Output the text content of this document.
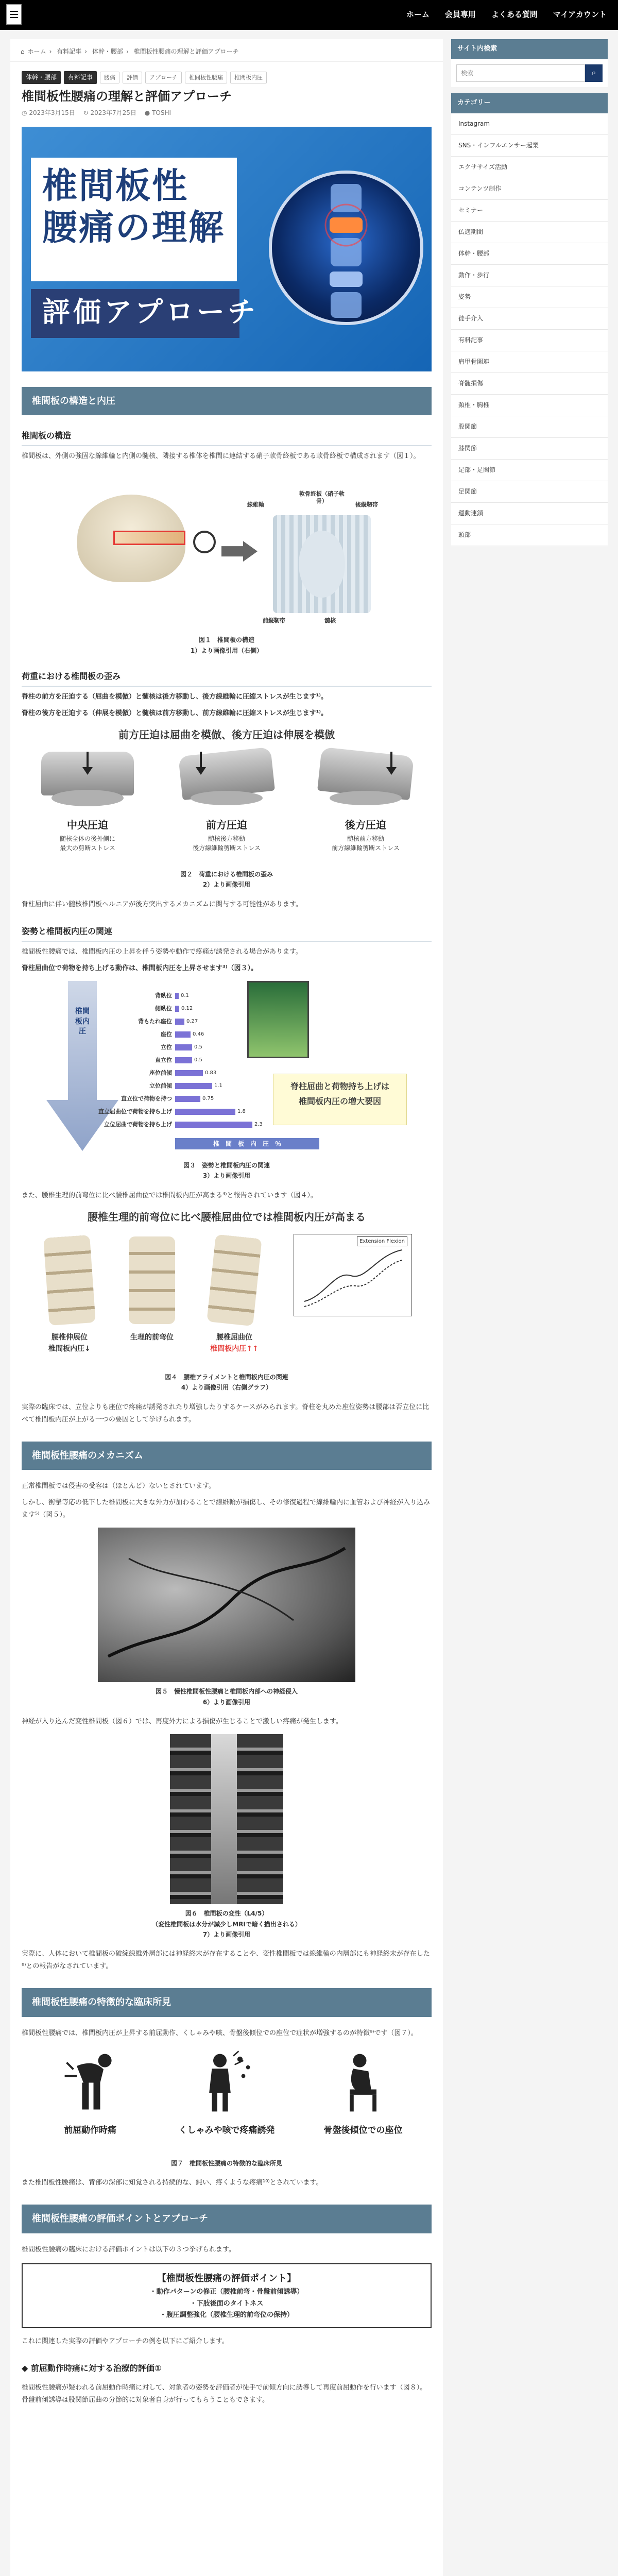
ホーム 会員専用 よくある質問 マイアカウント
⌂ ホーム › 有料記事 › 体幹・腰部 › 椎間板性腰痛の理解と評価アプローチ
体幹・腰部	有料記事	腰痛	評価	アプローチ	椎間板性腰痛	椎間板内圧
椎間板性腰痛の理解と評価アプローチ
◷ 2023年3月15日 　 ↻ 2023年7月25日 　 ● TOSHI
椎間板性
腰痛の理解
評価アプローチ
椎間板の構造と内圧
椎間板の構造

椎間板は、外側の強固な線維輪と内側の髄核、隣接する椎体を椎間に連結する硝子軟骨終板である軟骨終板で構成されます（図１）。

線維輪
軟骨終板（硝子軟骨）
後縦靭帯
前縦靭帯	髄核
図１　椎間板の構造
1）より画像引用（右側）
荷重における椎間板の歪み

脊柱の前方を圧迫する（屈曲を模倣）と髄核は後方移動し、後方線維輪に圧縮ストレスが生じます¹⁾。

脊柱の後方を圧迫する（伸展を模倣）と髄核は前方移動し、前方線維輪に圧縮ストレスが生じます¹⁾。

前方圧迫は屈曲を模倣、後方圧迫は伸展を模倣
中央圧迫	前方圧迫	後方圧迫
髄核全体の後外側に
最大の剪断ストレス
髄核後方移動
後方線維輪剪断ストレス
髄核前方移動
前方線維輪剪断ストレス
図２　荷重における椎間板の歪み
2）より画像引用

脊柱屈曲に伴い髄核椎間板ヘルニアが後方突出するメカニズムに関与する可能性があります。

姿勢と椎間板内圧の関連

椎間板性腰痛では、椎間板内圧の上昇を伴う姿勢や動作で疼痛が誘発される場合があります。

脊柱屈曲位で荷物を持ち上げる動作は、椎間板内圧を上昇させます³⁾（図３）。

椎間板内圧
背臥位	0.1
側臥位	0.12
背もたれ座位	0.27
座位	0.46
立位	0.5
直立位	0.5
座位前傾	0.83
立位前傾	1.1
直立位で荷物を持つ	0.75
直立屈曲位で荷物を持ち上げ	1.8
立位屈曲で荷物を持ち上げ	2.3
椎　間　板　内　圧　％
脊柱屈曲と荷物持ち上げは
椎間板内圧の増大要因
図３　姿勢と椎間板内圧の関連
3）より画像引用

また、腰椎生理的前弯位に比べ腰椎屈曲位では椎間板内圧が高まる⁴⁾と報告されています（図４）。

腰椎生理的前弯位に比べ腰椎屈曲位では椎間板内圧が高まる
腰椎伸展位
椎間板内圧↓
生理的前弯位	腰椎屈曲位
椎間板内圧↑↑
Extension Flexion
図４　腰椎アライメントと椎間板内圧の関連
4）より画像引用（右側グラフ）

実際の臨床では、立位よりも座位で疼痛が誘発されたり増強したりするケースがみられます。脊柱を丸めた座位姿勢は腰部は否立位に比べて椎間板内圧が上がる一つの要因として挙げられます。

椎間板性腰痛のメカニズム

正常椎間板では侵害の受容は（ほとんど）ないとされています。

しかし、衝撃等応の低下した椎間板に大きな外力が加わることで線維輪が損傷し、その修復過程で線維輪内に血管および神経が入り込みます⁵⁾（図５）。

図５　慢性椎間板性腰痛と椎間板内部への神経侵入
6）より画像引用

神経が入り込んだ変性椎間板（図６）では、再度外力による損傷が生じることで激しい疼痛が発生します。

図６　椎間板の変性（L4/5）
（変性椎間板は水分が減少しMRIで暗く描出される）
7）より画像引用

実際に、人体において椎間板の破綻線維外層部には神経終末が存在することや、変性椎間板では線維輪の内層部にも神経終末が存在した⁸⁾との報告がなされています。

椎間板性腰痛の特徴的な臨床所見

椎間板性腰痛では、椎間板内圧が上昇する前屈動作、くしゃみや咳、骨盤後傾位での座位で症状が増強するのが特徴⁹⁾です（図７）。

前屈動作時痛	くしゃみや咳で疼痛誘発	骨盤後傾位での座位
図７　椎間板性腰痛の特徴的な臨床所見

また椎間板性腰痛は、背部の深部に知覚される持続的な、鈍い、疼くような疼痛¹⁰⁾とされています。

椎間板性腰痛の評価ポイントとアプローチ

椎間板性腰痛の臨床における評価ポイントは以下の３つ挙げられます。

【椎間板性腰痛の評価ポイント】
・動作パターンの修正（腰椎前弯・骨盤前傾誘導）
・下肢後面のタイトネス
・腹圧調整強化（腰椎生理的前弯位の保持）

これに関連した実際の評価やアプローチの例を以下にご紹介します。

◆ 前屈動作時痛に対する治療的評価①

椎間板性腰痛が疑われる前屈動作時痛に対して、対象者の姿勢を評価者が徒手で前傾方向に誘導して再度前屈動作を行います（図８）。骨盤前傾誘導は股関節屈曲の分節的に対象者自身が行ってもらうこともできます。

サイト内検索
検索
⌕
カテゴリー
Instagram
SNS・インフルエンサー起業
エクササイズ活動
コンテンツ制作
セミナー
仏適期間
体幹・腰部
動作・歩行
姿勢
徒手介入
有料記事
肩甲骨関連
脊髄損傷
頚椎・胸椎
股関節
膝関節
足部・足関節
足関節
運動連鎖
頭部
